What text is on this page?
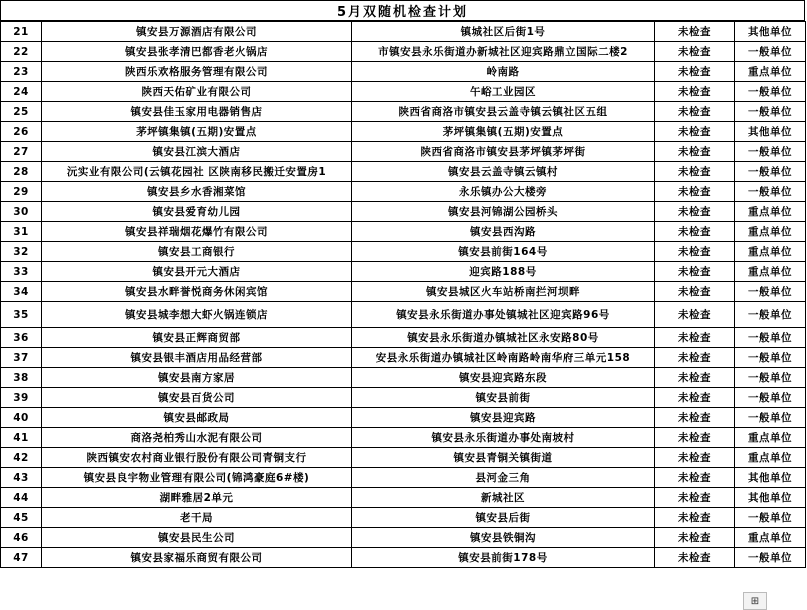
5月双随机检查计划
21	镇安县万源酒店有限公司	镇城社区后街1号	未检查	其他单位
22	镇安县张孝清巴都香老火锅店	市镇安县永乐街道办新城社区迎宾路鼎立国际二楼2	未检查	一般单位
23	陕西乐欢格服务管理有限公司	岭南路	未检查	重点单位
24	陕西天佑矿业有限公司	午峪工业园区	未检查	一般单位
25	镇安县佳玉家用电器销售店	陕西省商洛市镇安县云盖寺镇云镇社区五组	未检查	一般单位
26	茅坪镇集镇(五期)安置点	茅坪镇集镇(五期)安置点	未检查	其他单位
27	镇安县江滨大酒店	陕西省商洛市镇安县茅坪镇茅坪街	未检查	一般单位
28	沅实业有限公司(云镇花园社 区陕南移民搬迁安置房1	镇安县云盖寺镇云镇村	未检查	一般单位
29	镇安县乡水香湘菜馆	永乐镇办公大楼旁	未检查	一般单位
30	镇安县爱育幼儿园	镇安县河锦湖公园桥头	未检查	重点单位
31	镇安县祥瑞烟花爆竹有限公司	镇安县西沟路	未检查	重点单位
32	镇安县工商银行	镇安县前街164号	未检查	重点单位
33	镇安县开元大酒店	迎宾路188号	未检查	重点单位
34	镇安县水畔誉悦商务休闲宾馆	镇安县城区火车站桥南拦河坝畔	未检查	一般单位
35	镇安县城李想大虾火锅连锁店	镇安县永乐街道办事处镇城社区迎宾路96号	未检查	一般单位
36	镇安县正辉商贸部	镇安县永乐街道办镇城社区永安路80号	未检查	一般单位
37	镇安县银丰酒店用品经营部	安县永乐街道办镇城社区岭南路岭南华府三单元158	未检查	一般单位
38	镇安县南方家居	镇安县迎宾路东段	未检查	一般单位
39	镇安县百货公司	镇安县前街	未检查	一般单位
40	镇安县邮政局	镇安县迎宾路	未检查	一般单位
41	商洛尧柏秀山水泥有限公司	镇安县永乐街道办事处南坡村	未检查	重点单位
42	陕西镇安农村商业银行股份有限公司青铜支行	镇安县青铜关镇街道	未检查	重点单位
43	镇安县良宇物业管理有限公司(锦鸿豪庭6#楼)	县河金三角	未检查	其他单位
44	湖畔雅居2单元	新城社区	未检查	其他单位
45	老干局	镇安县后街	未检查	一般单位
46	镇安县民生公司	镇安县铁铜沟	未检查	重点单位
47	镇安县家福乐商贸有限公司	镇安县前街178号	未检查	一般单位
⊞
